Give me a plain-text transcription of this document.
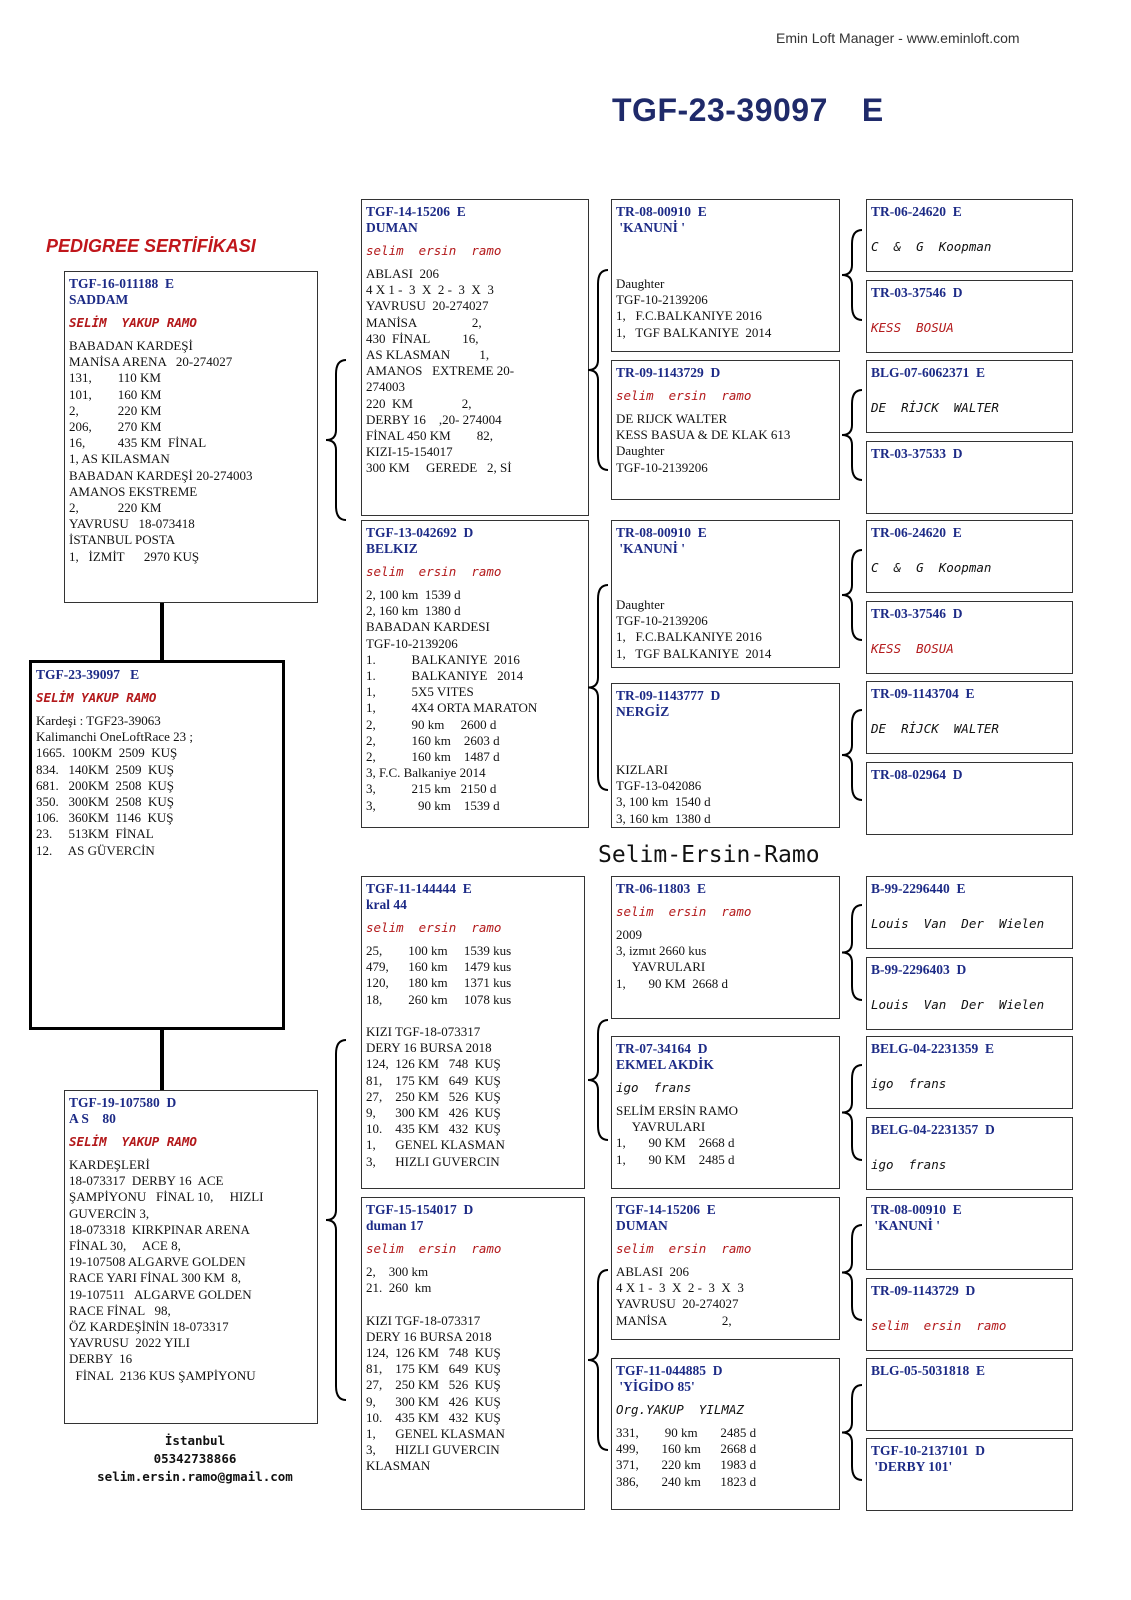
Emin Loft Manager - www.eminloft.com
TGF-23-39097 E
PEDIGREE SERTİFİKASI
Selim-Ersin-Ramo
TGF-23-39097   E
SELİM YAKUP RAMO
Kardeşi : TGF23-39063
Kalimanchi OneLoftRace 23 ;
1665.  100KM  2509  KUŞ
834.   140KM  2509  KUŞ
681.   200KM  2508  KUŞ
350.   300KM  2508  KUŞ
106.   360KM  1146  KUŞ
23.     513KM  FİNAL
12.     AS GÜVERCİN
TGF-16-011188  E
SADDAM
SELİM  YAKUP RAMO
BABADAN KARDEŞİ
MANİSA ARENA   20-274027
131,        110 KM
101,        160 KM
2,            220 KM
206,        270 KM
16,          435 KM  FİNAL
1, AS KILASMAN
BABADAN KARDEŞİ 20-274003
AMANOS EKSTREME
2,            220 KM
YAVRUSU   18-073418
İSTANBUL POSTA
1,   İZMİT      2970 KUŞ
TGF-19-107580  D
A S    80
SELİM  YAKUP RAMO
KARDEŞLERİ
18-073317  DERBY 16  ACE
ŞAMPİYONU   FİNAL 10,     HIZLI
GUVERCİN 3,
18-073318  KIRKPINAR ARENA
FİNAL 30,     ACE 8,
19-107508 ALGARVE GOLDEN
RACE YARI FİNAL 300 KM  8,
19-107511   ALGARVE GOLDEN
RACE FİNAL   98,
ÖZ KARDEŞİNİN 18-073317
YAVRUSU  2022 YILI
DERBY  16
FİNAL  2136 KUS ŞAMPİYONU
TGF-14-15206  E
DUMAN
selim  ersin  ramo
ABLASI  206
4 X 1 -  3  X  2 -  3  X  3
YAVRUSU  20-274027
MANİSA                 2,
430  FİNAL          16,
AS KLASMAN         1,
AMANOS   EXTREME 20-
274003
220  KM               2,
DERBY 16    ,20- 274004
FİNAL 450 KM        82,
KIZI-15-154017
300 KM     GEREDE   2, Sİ
TGF-13-042692  D
BELKIZ
selim  ersin  ramo
2, 100 km  1539 d
2, 160 km  1380 d
BABADAN KARDESI
TGF-10-2139206
1.           BALKANIYE  2016
1.           BALKANIYE   2014
1,           5X5 VITES
1,           4X4 ORTA MARATON
2,           90 km     2600 d
2,           160 km    2603 d
2,           160 km    1487 d
3, F.C. Balkaniye 2014
3,           215 km   2150 d
3,             90 km    1539 d
TGF-11-144444  E
kral 44
selim  ersin  ramo
25,        100 km     1539 kus
479,      160 km     1479 kus
120,      180 km     1371 kus
18,        260 km     1078 kus
KIZI TGF-18-073317
DERY 16 BURSA 2018
124,  126 KM   748  KUŞ
81,    175 KM   649  KUŞ
27,    250 KM   526  KUŞ
9,      300 KM   426  KUŞ
10.    435 KM   432  KUŞ
1,      GENEL KLASMAN
3,      HIZLI GUVERCIN
TGF-15-154017  D
duman 17
selim  ersin  ramo
2,    300 km
21.  260  km
KIZI TGF-18-073317
DERY 16 BURSA 2018
124,  126 KM   748  KUŞ
81,    175 KM   649  KUŞ
27,    250 KM   526  KUŞ
9,      300 KM   426  KUŞ
10.    435 KM   432  KUŞ
1,      GENEL KLASMAN
3,      HIZLI GUVERCIN
KLASMAN
TR-08-00910  E
'KANUNİ '
Daughter
TGF-10-2139206
1,   F.C.BALKANIYE 2016
1,   TGF BALKANIYE  2014
TR-09-1143729  D
selim  ersin  ramo
DE RIJCK WALTER
KESS BASUA & DE KLAK 613
Daughter
TGF-10-2139206
TR-08-00910  E
'KANUNİ '
Daughter
TGF-10-2139206
1,   F.C.BALKANIYE 2016
1,   TGF BALKANIYE  2014
TR-09-1143777  D
NERGİZ
KIZLARI
TGF-13-042086
3, 100 km  1540 d
3, 160 km  1380 d
TR-06-11803  E
selim  ersin  ramo
2009
3, izmıt 2660 kus
YAVRULARI
1,       90 KM  2668 d
TR-07-34164  D
EKMEL AKDİK
igo  frans
SELİM ERSİN RAMO
YAVRULARI
1,       90 KM    2668 d
1,       90 KM    2485 d
TGF-14-15206  E
DUMAN
selim  ersin  ramo
ABLASI  206
4 X 1 -  3  X  2 -  3  X  3
YAVRUSU  20-274027
MANİSA                 2,
TGF-11-044885  D
'YİGİDO 85'
Org.YAKUP  YILMAZ
331,        90 km       2485 d
499,       160 km      2668 d
371,       220 km      1983 d
386,       240 km      1823 d
TR-06-24620  E
C  &  G  Koopman
TR-03-37546  D
KESS  BOSUA
BLG-07-6062371  E
DE  RİJCK  WALTER
TR-03-37533  D
TR-06-24620  E
C  &  G  Koopman
TR-03-37546  D
KESS  BOSUA
TR-09-1143704  E
DE  RİJCK  WALTER
TR-08-02964  D
B-99-2296440  E
Louis  Van  Der  Wielen
B-99-2296403  D
Louis  Van  Der  Wielen
BELG-04-2231359  E
igo  frans
BELG-04-2231357  D
igo  frans
TR-08-00910  E
'KANUNİ '
TR-09-1143729  D
selim  ersin  ramo
BLG-05-5031818  E
TGF-10-2137101  D
'DERBY 101'
İstanbul
05342738866
selim.ersin.ramo@gmail.com
